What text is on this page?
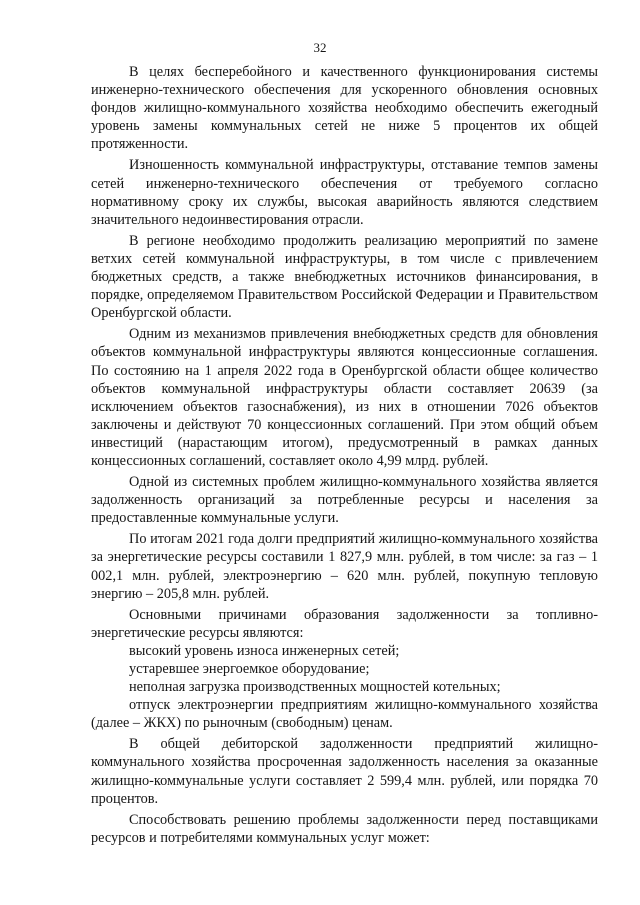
32

В целях бесперебойного и качественного функционирования системы инженерно-технического обеспечения для ускоренного обновления основных фондов жилищно-коммунального хозяйства необходимо обеспечить ежегодный уровень замены коммунальных сетей не ниже 5 процентов их общей протяженности.

Изношенность коммунальной инфраструктуры, отставание темпов замены сетей инженерно-технического обеспечения от требуемого согласно нормативному сроку их службы, высокая аварийность являются следствием значительного недоинвестирования отрасли.

В регионе необходимо продолжить реализацию мероприятий по замене ветхих сетей коммунальной инфраструктуры, в том числе с привлечением бюджетных средств, а также внебюджетных источников финансирования, в порядке, определяемом Правительством Российской Федерации и Правительством Оренбургской области.

Одним из механизмов привлечения внебюджетных средств для обновления объектов коммунальной инфраструктуры являются концессионные соглашения. По состоянию на 1 апреля 2022 года в Оренбургской области общее количество объектов коммунальной инфраструктуры области составляет 20639 (за исключением объектов газоснабжения), из них в отношении 7026 объектов заключены и действуют 70 концессионных соглашений. При этом общий объем инвестиций (нарастающим итогом), предусмотренный в рамках данных концессионных соглашений, составляет около 4,99 млрд. рублей.

Одной из системных проблем жилищно-коммунального хозяйства является задолженность организаций за потребленные ресурсы и населения за предоставленные коммунальные услуги.

По итогам 2021 года долги предприятий жилищно-коммунального хозяйства за энергетические ресурсы составили 1 827,9 млн. рублей, в том числе: за газ – 1 002,1 млн. рублей, электроэнергию – 620 млн. рублей, покупную тепловую энергию – 205,8 млн. рублей.

Основными причинами образования задолженности за топливно-энергетические ресурсы являются:

высокий уровень износа инженерных сетей;

устаревшее энергоемкое оборудование;

неполная загрузка производственных мощностей котельных;

отпуск электроэнергии предприятиям жилищно-коммунального хозяйства (далее – ЖКХ) по рыночным (свободным) ценам.

В общей дебиторской задолженности предприятий жилищно-коммунального хозяйства просроченная задолженность населения за оказанные жилищно-коммунальные услуги составляет 2 599,4 млн. рублей, или порядка 70 процентов.

Способствовать решению проблемы задолженности перед поставщиками ресурсов и потребителями коммунальных услуг может:
